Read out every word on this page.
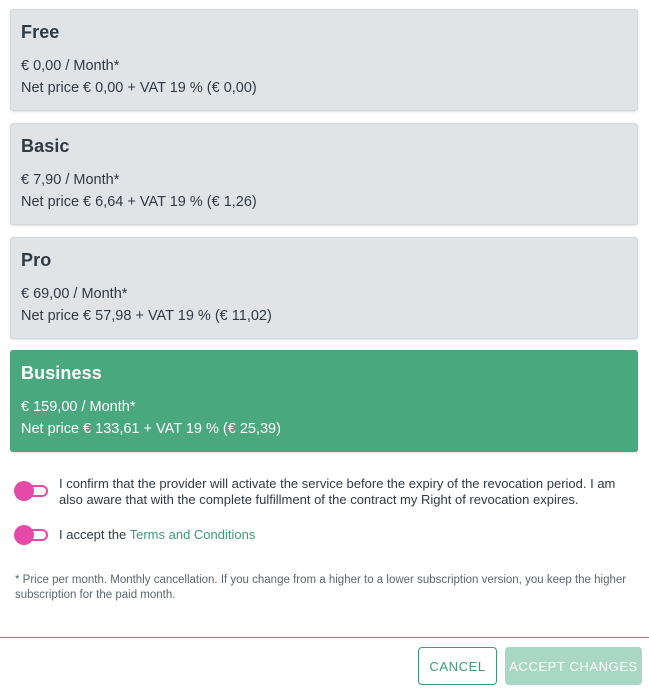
Free
€ 0,00 / Month*
Net price € 0,00 + VAT 19 % (€ 0,00)
Basic
€ 7,90 / Month*
Net price € 6,64 + VAT 19 % (€ 1,26)
Pro
€ 69,00 / Month*
Net price € 57,98 + VAT 19 % (€ 11,02)
Business
€ 159,00 / Month*
Net price € 133,61 + VAT 19 % (€ 25,39)
I confirm that the provider will activate the service before the expiry of the revocation period. I am also aware that with the complete fulfillment of the contract my Right of revocation expires.
I accept the Terms and Conditions
* Price per month. Monthly cancellation. If you change from a higher to a lower subscription version, you keep the higher subscription for the paid month.
CANCEL	ACCEPT CHANGES
